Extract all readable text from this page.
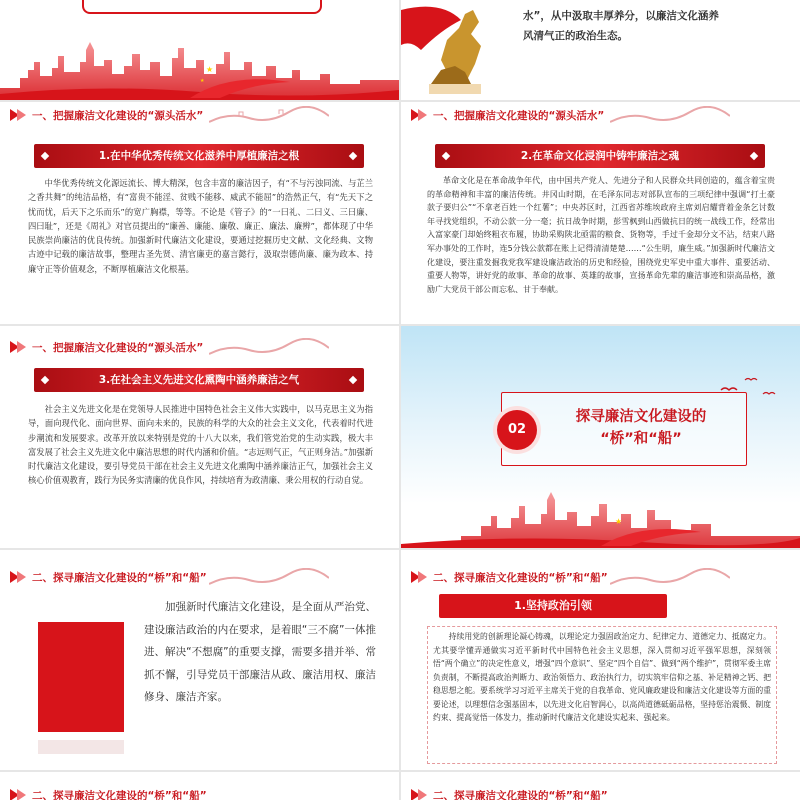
★
★
水”，从中汲取丰厚养分，以廉洁文化涵养
风清气正的政治生态。
一、把握廉洁文化建设的“源头活水”
1.在中华优秀传统文化滋养中厚植廉洁之根
中华优秀传统文化源远流长、博大精深，包含丰富的廉洁因子，有“不与污浊同流、与芷兰之香共舞”的纯洁品格，有“富贵不能淫、贫贱不能移、威武不能屈”的浩然正气，有“先天下之忧而忧，后天下之乐而乐”的宽广胸襟，等等。不论是《管子》的“一曰礼、二曰义、三曰廉、四曰耻”，还是《周礼》对官员提出的“廉善、廉能、廉敬、廉正、廉法、廉辨”，都体现了中华民族崇尚廉洁的优良传统。加强新时代廉洁文化建设，要通过挖掘历史文献、文化经典、文物古迹中记载的廉洁故事，整理古圣先贤、清官廉吏的嘉言懿行，汲取崇德尚廉、廉为政本、持廉守正等价值观念，不断厚植廉洁文化根基。
一、把握廉洁文化建设的“源头活水”
2.在革命文化浸润中铸牢廉洁之魂
革命文化是在革命战争年代，由中国共产党人、先进分子和人民群众共同创造的，蕴含着宝贵的革命精神和丰富的廉洁传统。井冈山时期，在毛泽东同志对部队宣布的三项纪律中强调“打土豪款子要归公”“不拿老百姓一个红薯”；中央苏区时，江西省苏维埃政府主席刘启耀背着金条乞讨数年寻找党组织，不动公款一分一毫；抗日战争时期，彭雪枫到山西做抗日的统一战线工作，经常出入富家豪门却始终粗衣布履，协助采购陕北亟需的粮食、货物等，手过千金却分文不沾，结束八路军办事处的工作时，连5分钱公款都在账上记得清清楚楚……“公生明，廉生威。”加强新时代廉洁文化建设，要注重发掘我党我军建设廉洁政治的历史和经验，围绕党史军史中重大事件、重要活动、重要人物等，讲好党的故事、革命的故事、英雄的故事，宣扬革命先辈的廉洁事迹和崇高品格，激励广大党员干部公而忘私、甘于奉献。
一、把握廉洁文化建设的“源头活水”
3.在社会主义先进文化熏陶中涵养廉洁之气
社会主义先进文化是在党领导人民推进中国特色社会主义伟大实践中，以马克思主义为指导，面向现代化、面向世界、面向未来的，民族的科学的大众的社会主义文化，代表着时代进步潮流和发展要求。改革开放以来特别是党的十八大以来，我们管党治党的生动实践，极大丰富发展了社会主义先进文化中廉洁思想的时代内涵和价值。“志远则气正，气正则身洁。”加强新时代廉洁文化建设，要引导党员干部在社会主义先进文化熏陶中涵养廉洁正气，加强社会主义核心价值观教育，践行为民务实清廉的优良作风，持续培育为政清廉、秉公用权的行动自觉。
02
探寻廉洁文化建设的
“桥”和“船”
★
二、探寻廉洁文化建设的“桥”和“船”
加强新时代廉洁文化建设，是全面从严治党、建设廉洁政治的内在要求，是着眼“三不腐”一体推进、解决“不想腐”的重要支撑，需要多措并举、常抓不懈，引导党员干部廉洁从政、廉洁用权、廉洁修身、廉洁齐家。
二、探寻廉洁文化建设的“桥”和“船”
1.坚持政治引领
持续用党的创新理论凝心铸魂，以理论定力强固政治定力、纪律定力、道德定力、抵腐定力。尤其要学懂弄通做实习近平新时代中国特色社会主义思想，深入贯彻习近平强军思想，深刻领悟“两个确立”的决定性意义，增强“四个意识”、坚定“四个自信”、做到“两个维护”，贯彻军委主席负责制，不断提高政治判断力、政治领悟力、政治执行力，切实筑牢信仰之基、补足精神之钙、把稳思想之舵。要系统学习习近平主席关于党的自我革命、党风廉政建设和廉洁文化建设等方面的重要论述，以理想信念强基固本，以先进文化启智润心，以高尚道德砥砺品格，坚持惩治震慑、制度约束、提高觉悟一体发力，推动新时代廉洁文化建设实起来、强起来。
二、探寻廉洁文化建设的“桥”和“船”	二、探寻廉洁文化建设的“桥”和“船”
